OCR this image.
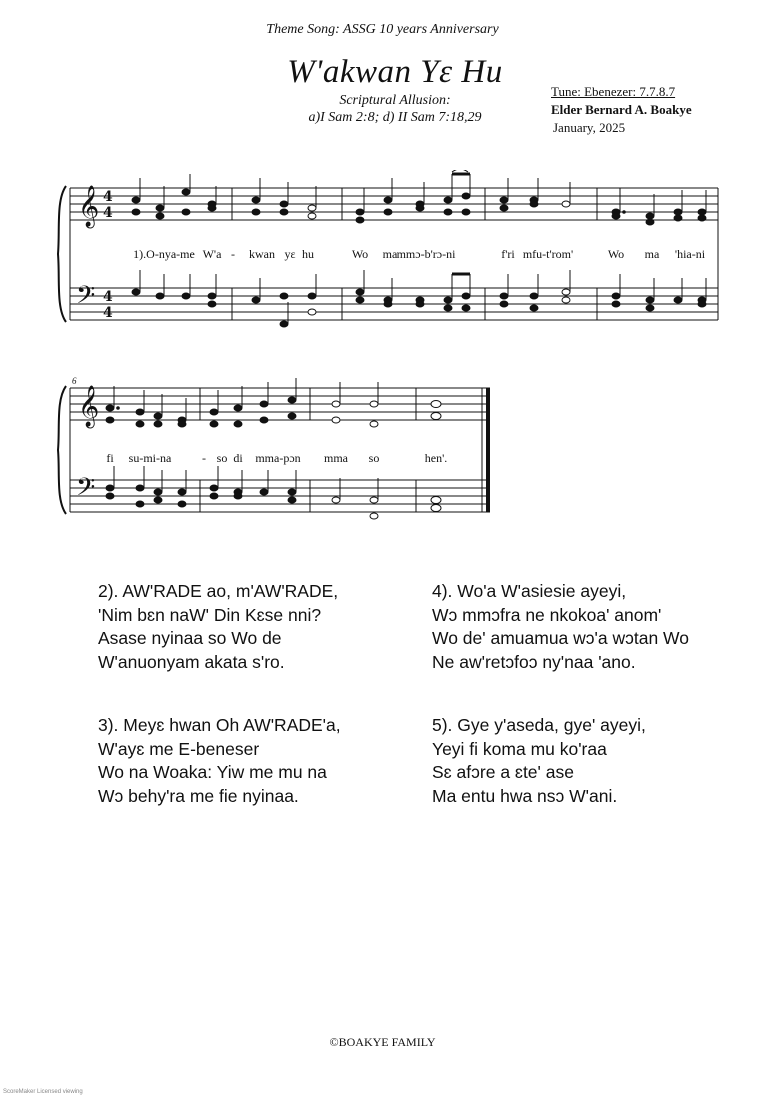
Theme Song: ASSG 10 years Anniversary
W'akwan Yɛ Hu
Scriptural Allusion:
a)I Sam 2:8; d) II Sam 7:18,29
Tune: Ebenezer: 7.7.8.7
Elder Bernard A. Boakye
January, 2025
𝄞
𝄢
4
4
4
4
1).O-nya-me W'a - kwan yɛ hu	Wo ma mmɔ-b'rɔ-ni	f'ri mfu-t'rom'	Wo ma 'hia-ni
6
𝄞
𝄢
fi su-mi-na	- so di mma-pɔn mma so	hen'.
2). AW'RADE ao, m'AW'RADE,
'Nim bɛn naW' Din Kɛse nni?
Asase nyinaa so Wo de
W'anuonyam akata s'ro.
4). Wo'a W'asiesie ayeyi,
Wɔ mmɔfra ne nkokoa' anom'
Wo de' amuamua wɔ'a wɔtan Wo
Ne aw'retɔfoɔ ny'naa 'ano.
3). Meyɛ hwan Oh AW'RADE'a,
W'ayɛ me E-beneser
Wo na Woaka: Yiw me mu na
Wɔ behy'ra me fie nyinaa.
5). Gye y'aseda, gye' ayeyi,
Yeyi fi koma mu ko'raa
Sɛ afɔre a ɛte' ase
Ma entu hwa nsɔ W'ani.
©BOAKYE FAMILY
ScoreMaker Licensed viewing
